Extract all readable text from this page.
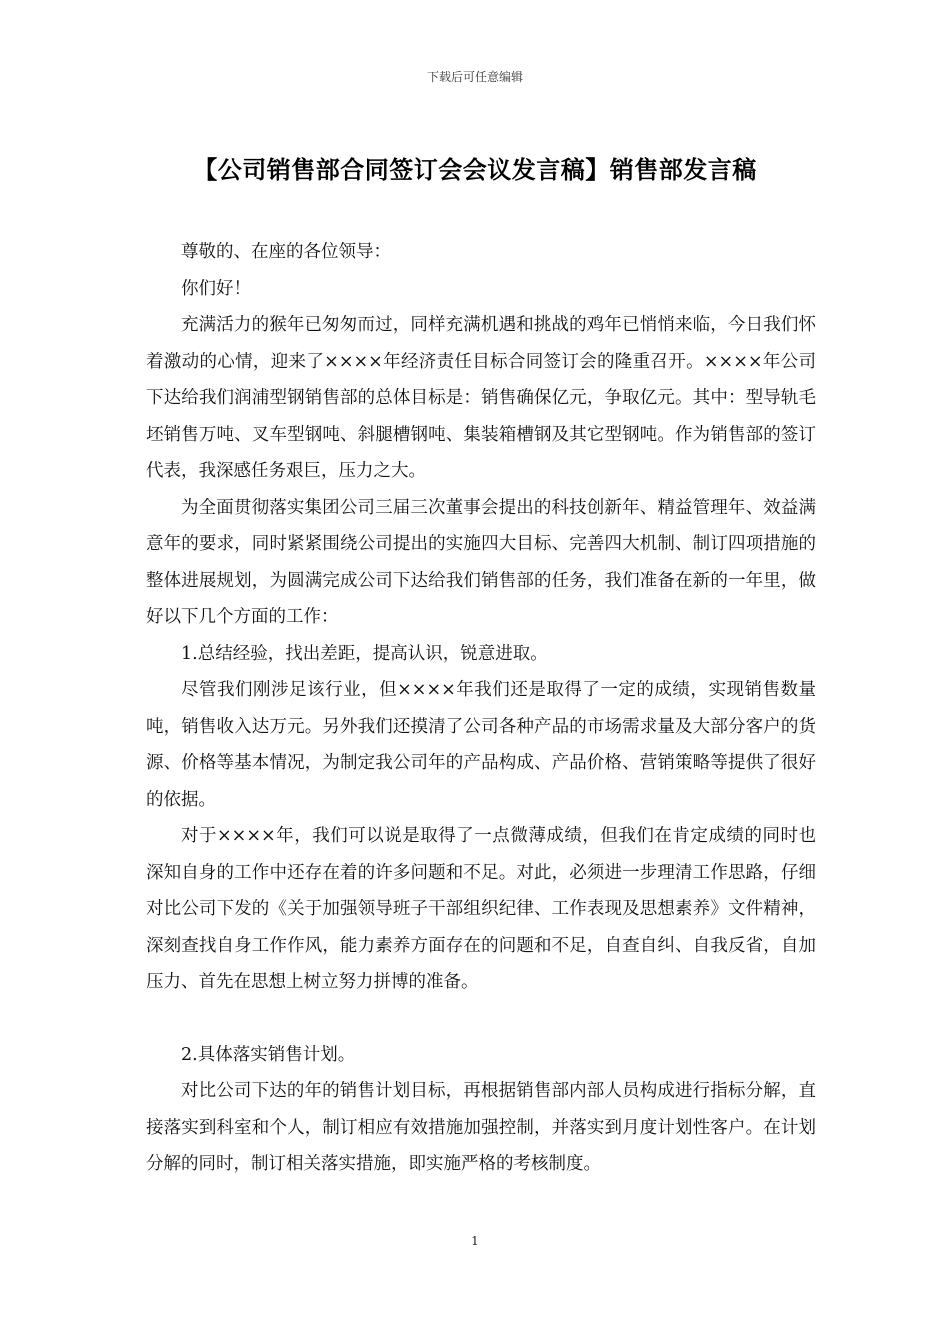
下载后可任意编辑
【公司销售部合同签订会会议发言稿】销售部发言稿

尊敬的、在座的各位领导：

你们好！

充满活力的猴年已匆匆而过，同样充满机遇和挑战的鸡年已悄悄来临，今日我们怀着激动的心情，迎来了××××年经济责任目标合同签订会的隆重召开。××××年公司下达给我们润浦型钢销售部的总体目标是：销售确保亿元，争取亿元。其中：型导轨毛坯销售万吨、叉车型钢吨、斜腿槽钢吨、集装箱槽钢及其它型钢吨。作为销售部的签订代表，我深感任务艰巨，压力之大。

为全面贯彻落实集团公司三届三次董事会提出的科技创新年、精益管理年、效益满意年的要求，同时紧紧围绕公司提出的实施四大目标、完善四大机制、制订四项措施的整体进展规划，为圆满完成公司下达给我们销售部的任务，我们准备在新的一年里，做好以下几个方面的工作：

1.总结经验，找出差距，提高认识，锐意进取。

尽管我们刚涉足该行业，但××××年我们还是取得了一定的成绩，实现销售数量吨，销售收入达万元。另外我们还摸清了公司各种产品的市场需求量及大部分客户的货源、价格等基本情况，为制定我公司年的产品构成、产品价格、营销策略等提供了很好的依据。

对于××××年，我们可以说是取得了一点微薄成绩，但我们在肯定成绩的同时也深知自身的工作中还存在着的许多问题和不足。对此，必须进一步理清工作思路，仔细对比公司下发的《关于加强领导班子干部组织纪律、工作表现及思想素养》文件精神，深刻查找自身工作作风，能力素养方面存在的问题和不足，自查自纠、自我反省，自加压力、首先在思想上树立努力拼博的准备。

2.具体落实销售计划。

对比公司下达的年的销售计划目标，再根据销售部内部人员构成进行指标分解，直接落实到科室和个人，制订相应有效措施加强控制，并落实到月度计划性客户。在计划分解的同时，制订相关落实措施，即实施严格的考核制度。

1
